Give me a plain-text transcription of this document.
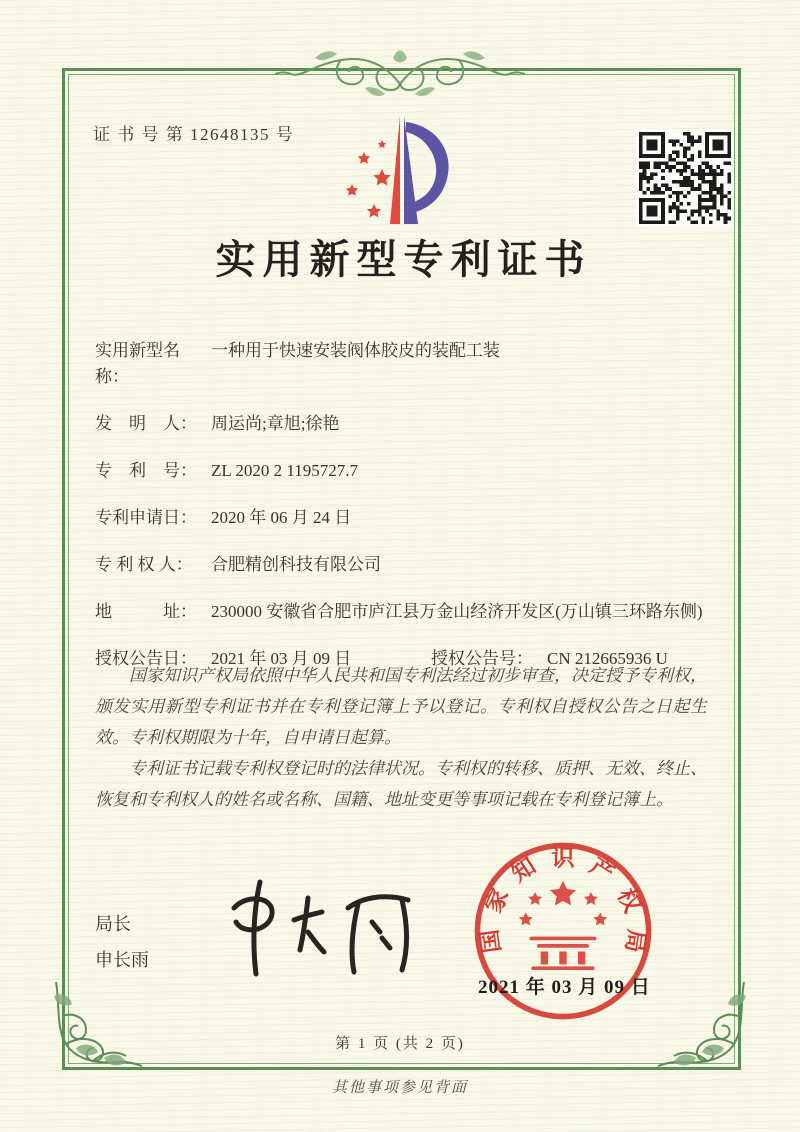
证 书 号 第 12648135 号
实用新型专利证书
实用新型名称：
一种用于快速安装阀体胶皮的装配工装
发　明　人： 周运尚;章旭;徐艳
专　利　号： ZL 2020 2 1195727.7
专利申请日： 2020 年 06 月 24 日
专 利 权 人：	合肥精创科技有限公司
地　　　址： 230000 安徽省合肥市庐江县万金山经济开发区(万山镇三环路东侧)
授权公告日： 2021 年 03 月 09 日	授权公告号： CN 212665936 U

国家知识产权局依照中华人民共和国专利法经过初步审查，决定授予专利权，颁发实用新型专利证书并在专利登记簿上予以登记。专利权自授权公告之日起生效。专利权期限为十年，自申请日起算。

专利证书记载专利权登记时的法律状况。专利权的转移、质押、无效、终止、恢复和专利权人的姓名或名称、国籍、地址变更等事项记载在专利登记簿上。

局长
申长雨
国家知识产权局
2021 年 03 月 09 日
第 1 页 (共 2 页)
其他事项参见背面
